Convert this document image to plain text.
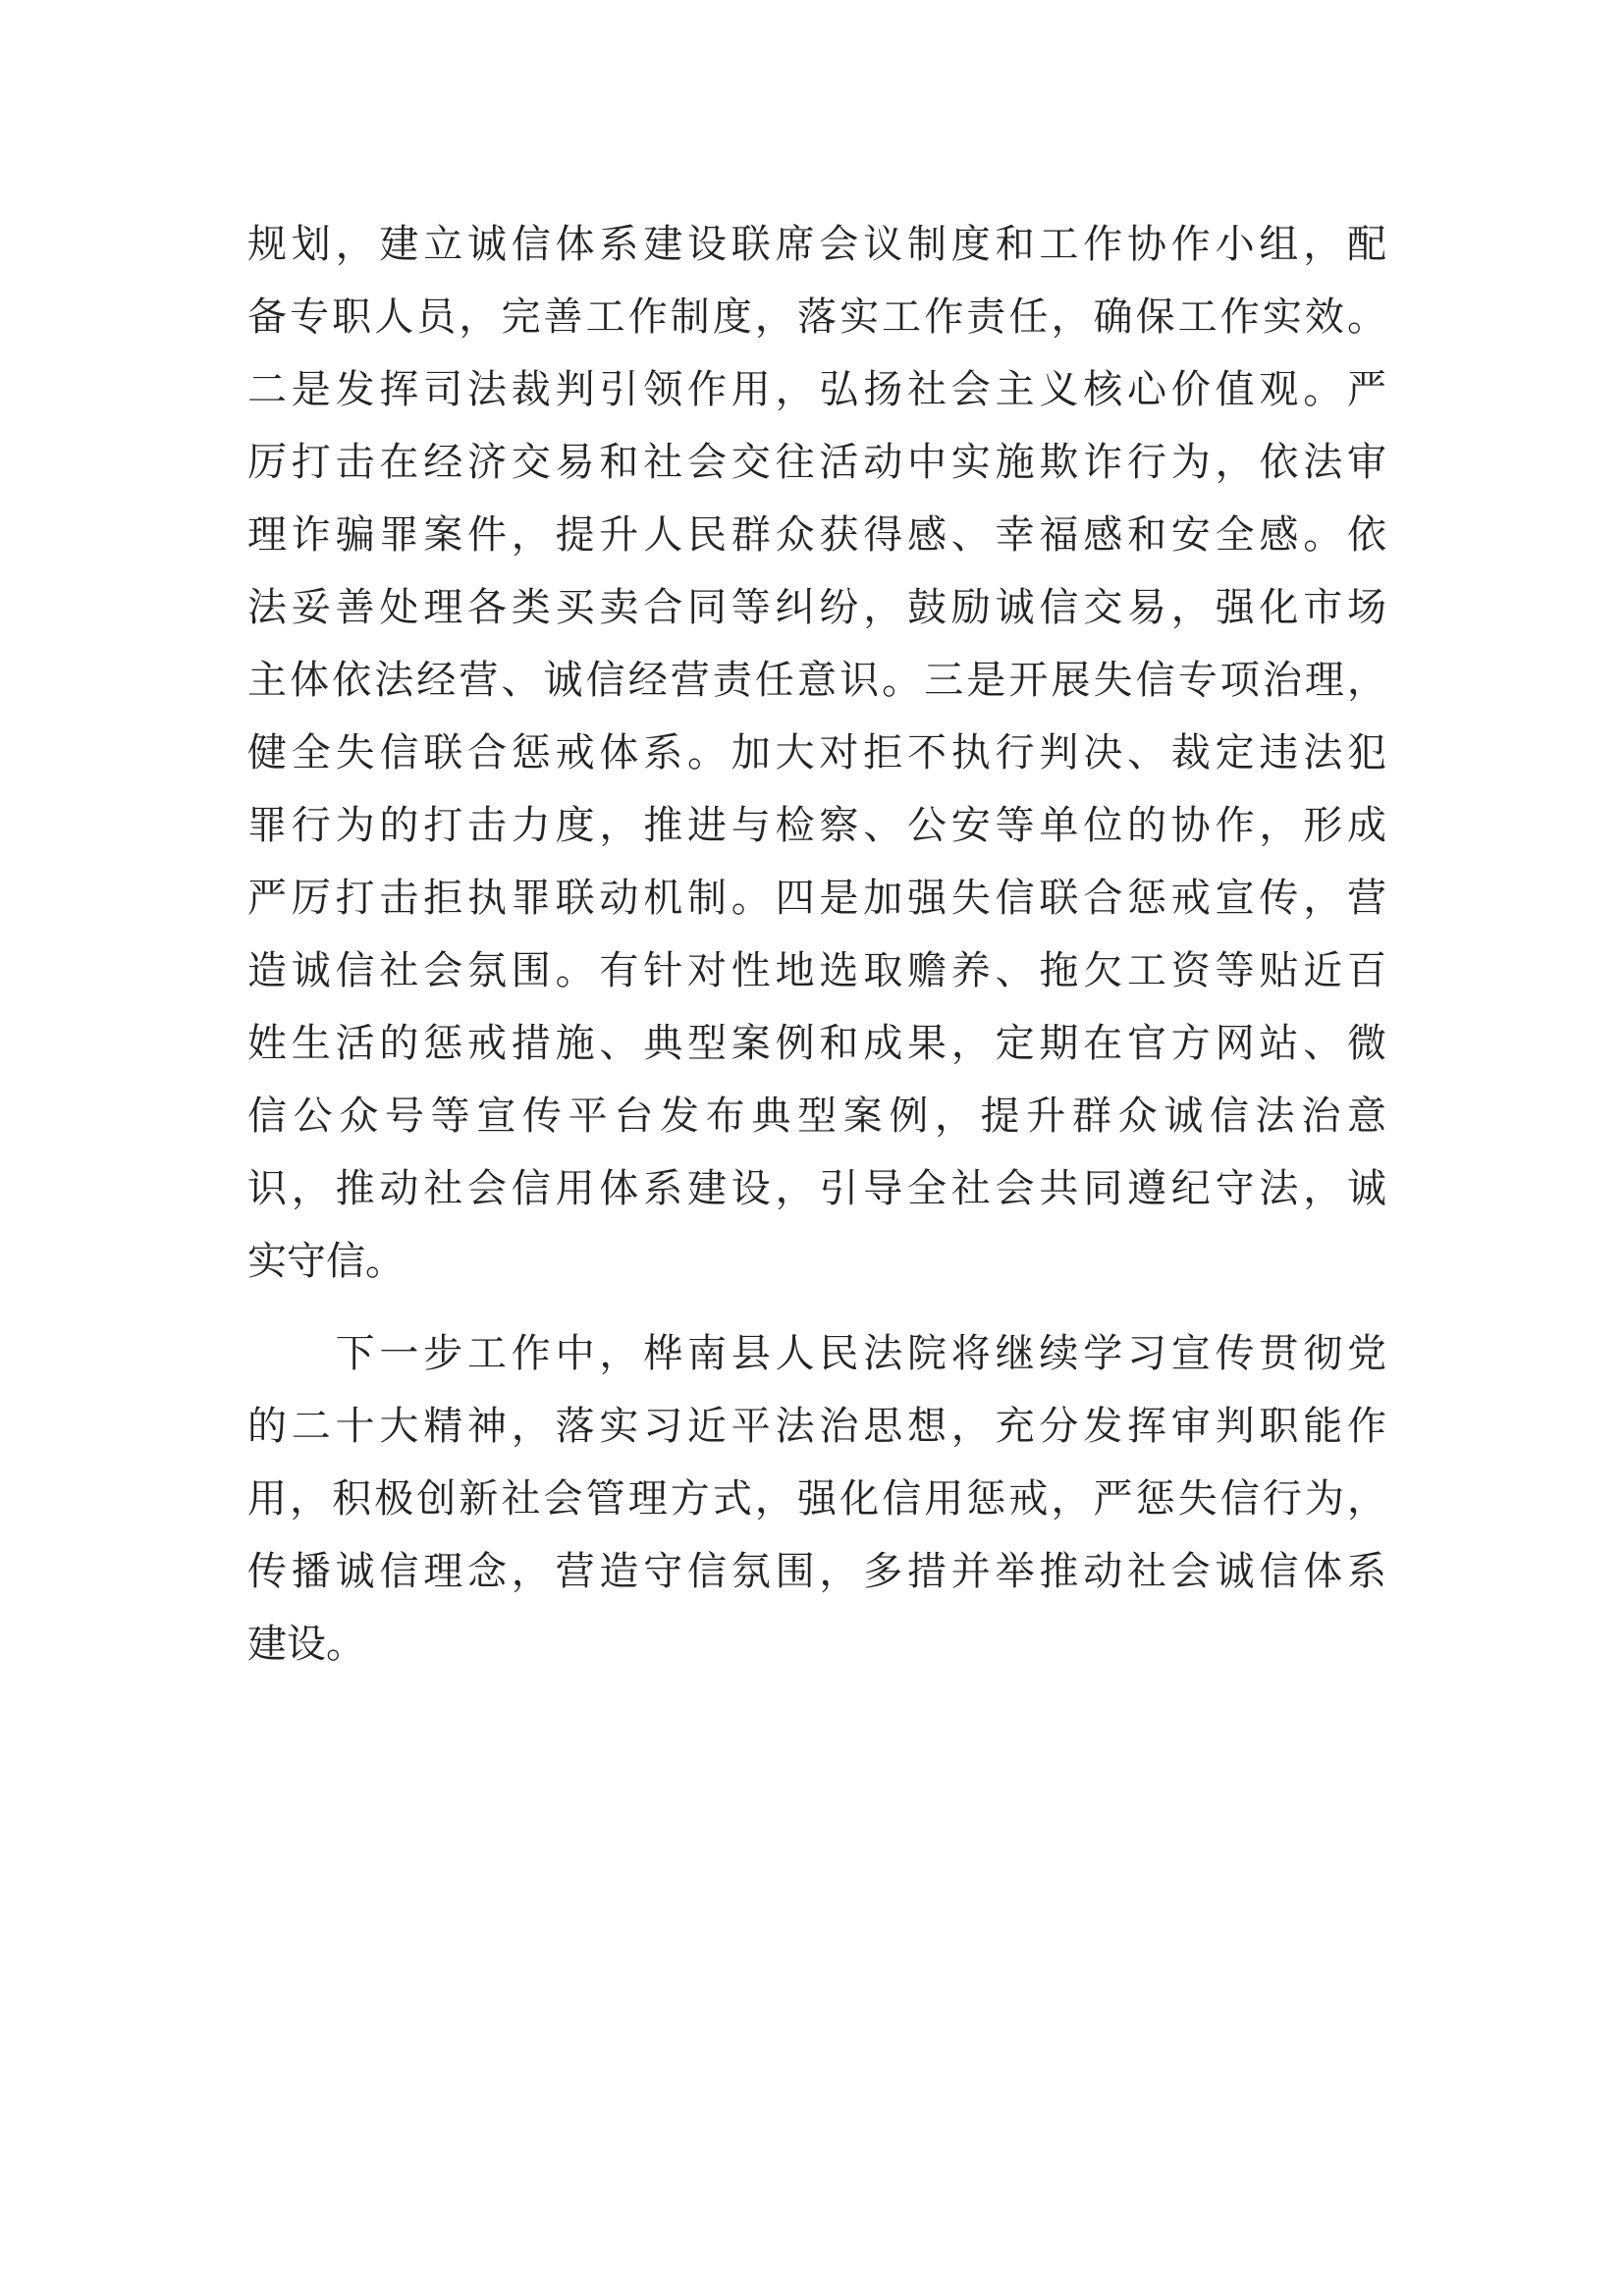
规划，建立诚信体系建设联席会议制度和工作协作小组，配
备专职人员，完善工作制度，落实工作责任，确保工作实效。
二是发挥司法裁判引领作用，弘扬社会主义核心价值观。严
厉打击在经济交易和社会交往活动中实施欺诈行为，依法审
理诈骗罪案件，提升人民群众获得感、幸福感和安全感。依
法妥善处理各类买卖合同等纠纷，鼓励诚信交易，强化市场
主体依法经营、诚信经营责任意识。三是开展失信专项治理，
健全失信联合惩戒体系。加大对拒不执行判决、裁定违法犯
罪行为的打击力度，推进与检察、公安等单位的协作，形成
严厉打击拒执罪联动机制。四是加强失信联合惩戒宣传，营
造诚信社会氛围。有针对性地选取赡养、拖欠工资等贴近百
姓生活的惩戒措施、典型案例和成果，定期在官方网站、微
信公众号等宣传平台发布典型案例，提升群众诚信法治意
识，推动社会信用体系建设，引导全社会共同遵纪守法，诚
实守信。
　　下一步工作中，桦南县人民法院将继续学习宣传贯彻党
的二十大精神，落实习近平法治思想，充分发挥审判职能作
用，积极创新社会管理方式，强化信用惩戒，严惩失信行为，
传播诚信理念，营造守信氛围，多措并举推动社会诚信体系
建设。
